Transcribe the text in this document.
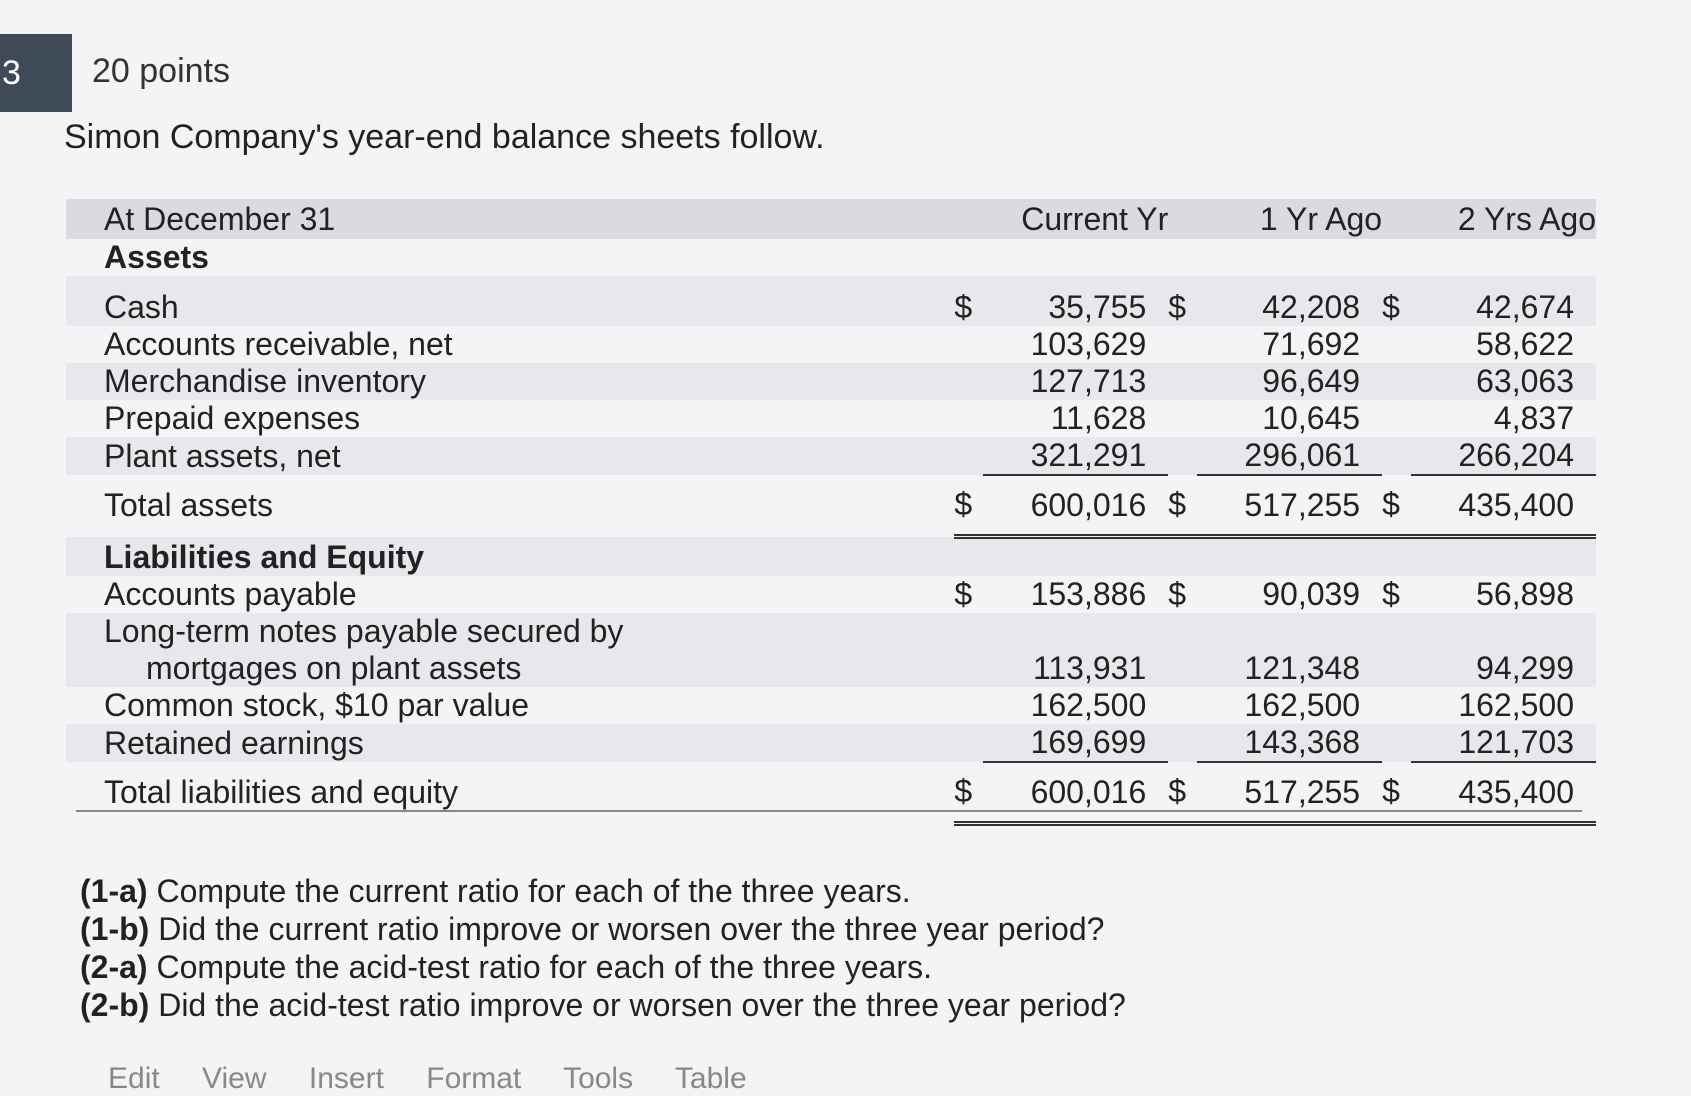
3	20 points
Simon Company's year-end balance sheets follow.
At December 31		Current Yr		1 Yr Ago		2 Yrs Ago
Assets						
Cash	$	35,755	$	42,208	$	42,674
Accounts receivable, net		103,629		71,692		58,622
Merchandise inventory		127,713		96,649		63,063
Prepaid expenses		11,628		10,645		4,837
Plant assets, net		321,291		296,061		266,204
Total assets	$	600,016	$	517,255	$	435,400
Liabilities and Equity						
Accounts payable	$	153,886	$	90,039	$	56,898
Long-term notes payable secured by						
mortgages on plant assets		113,931		121,348		94,299
Common stock, $10 par value		162,500		162,500		162,500
Retained earnings		169,699		143,368		121,703
Total liabilities and equity	$	600,016	$	517,255	$	435,400
(1-a) Compute the current ratio for each of the three years.
(1-b) Did the current ratio improve or worsen over the three year period?
(2-a) Compute the acid-test ratio for each of the three years.
(2-b) Did the acid-test ratio improve or worsen over the three year period?
Edit View Insert Format Tools Table
